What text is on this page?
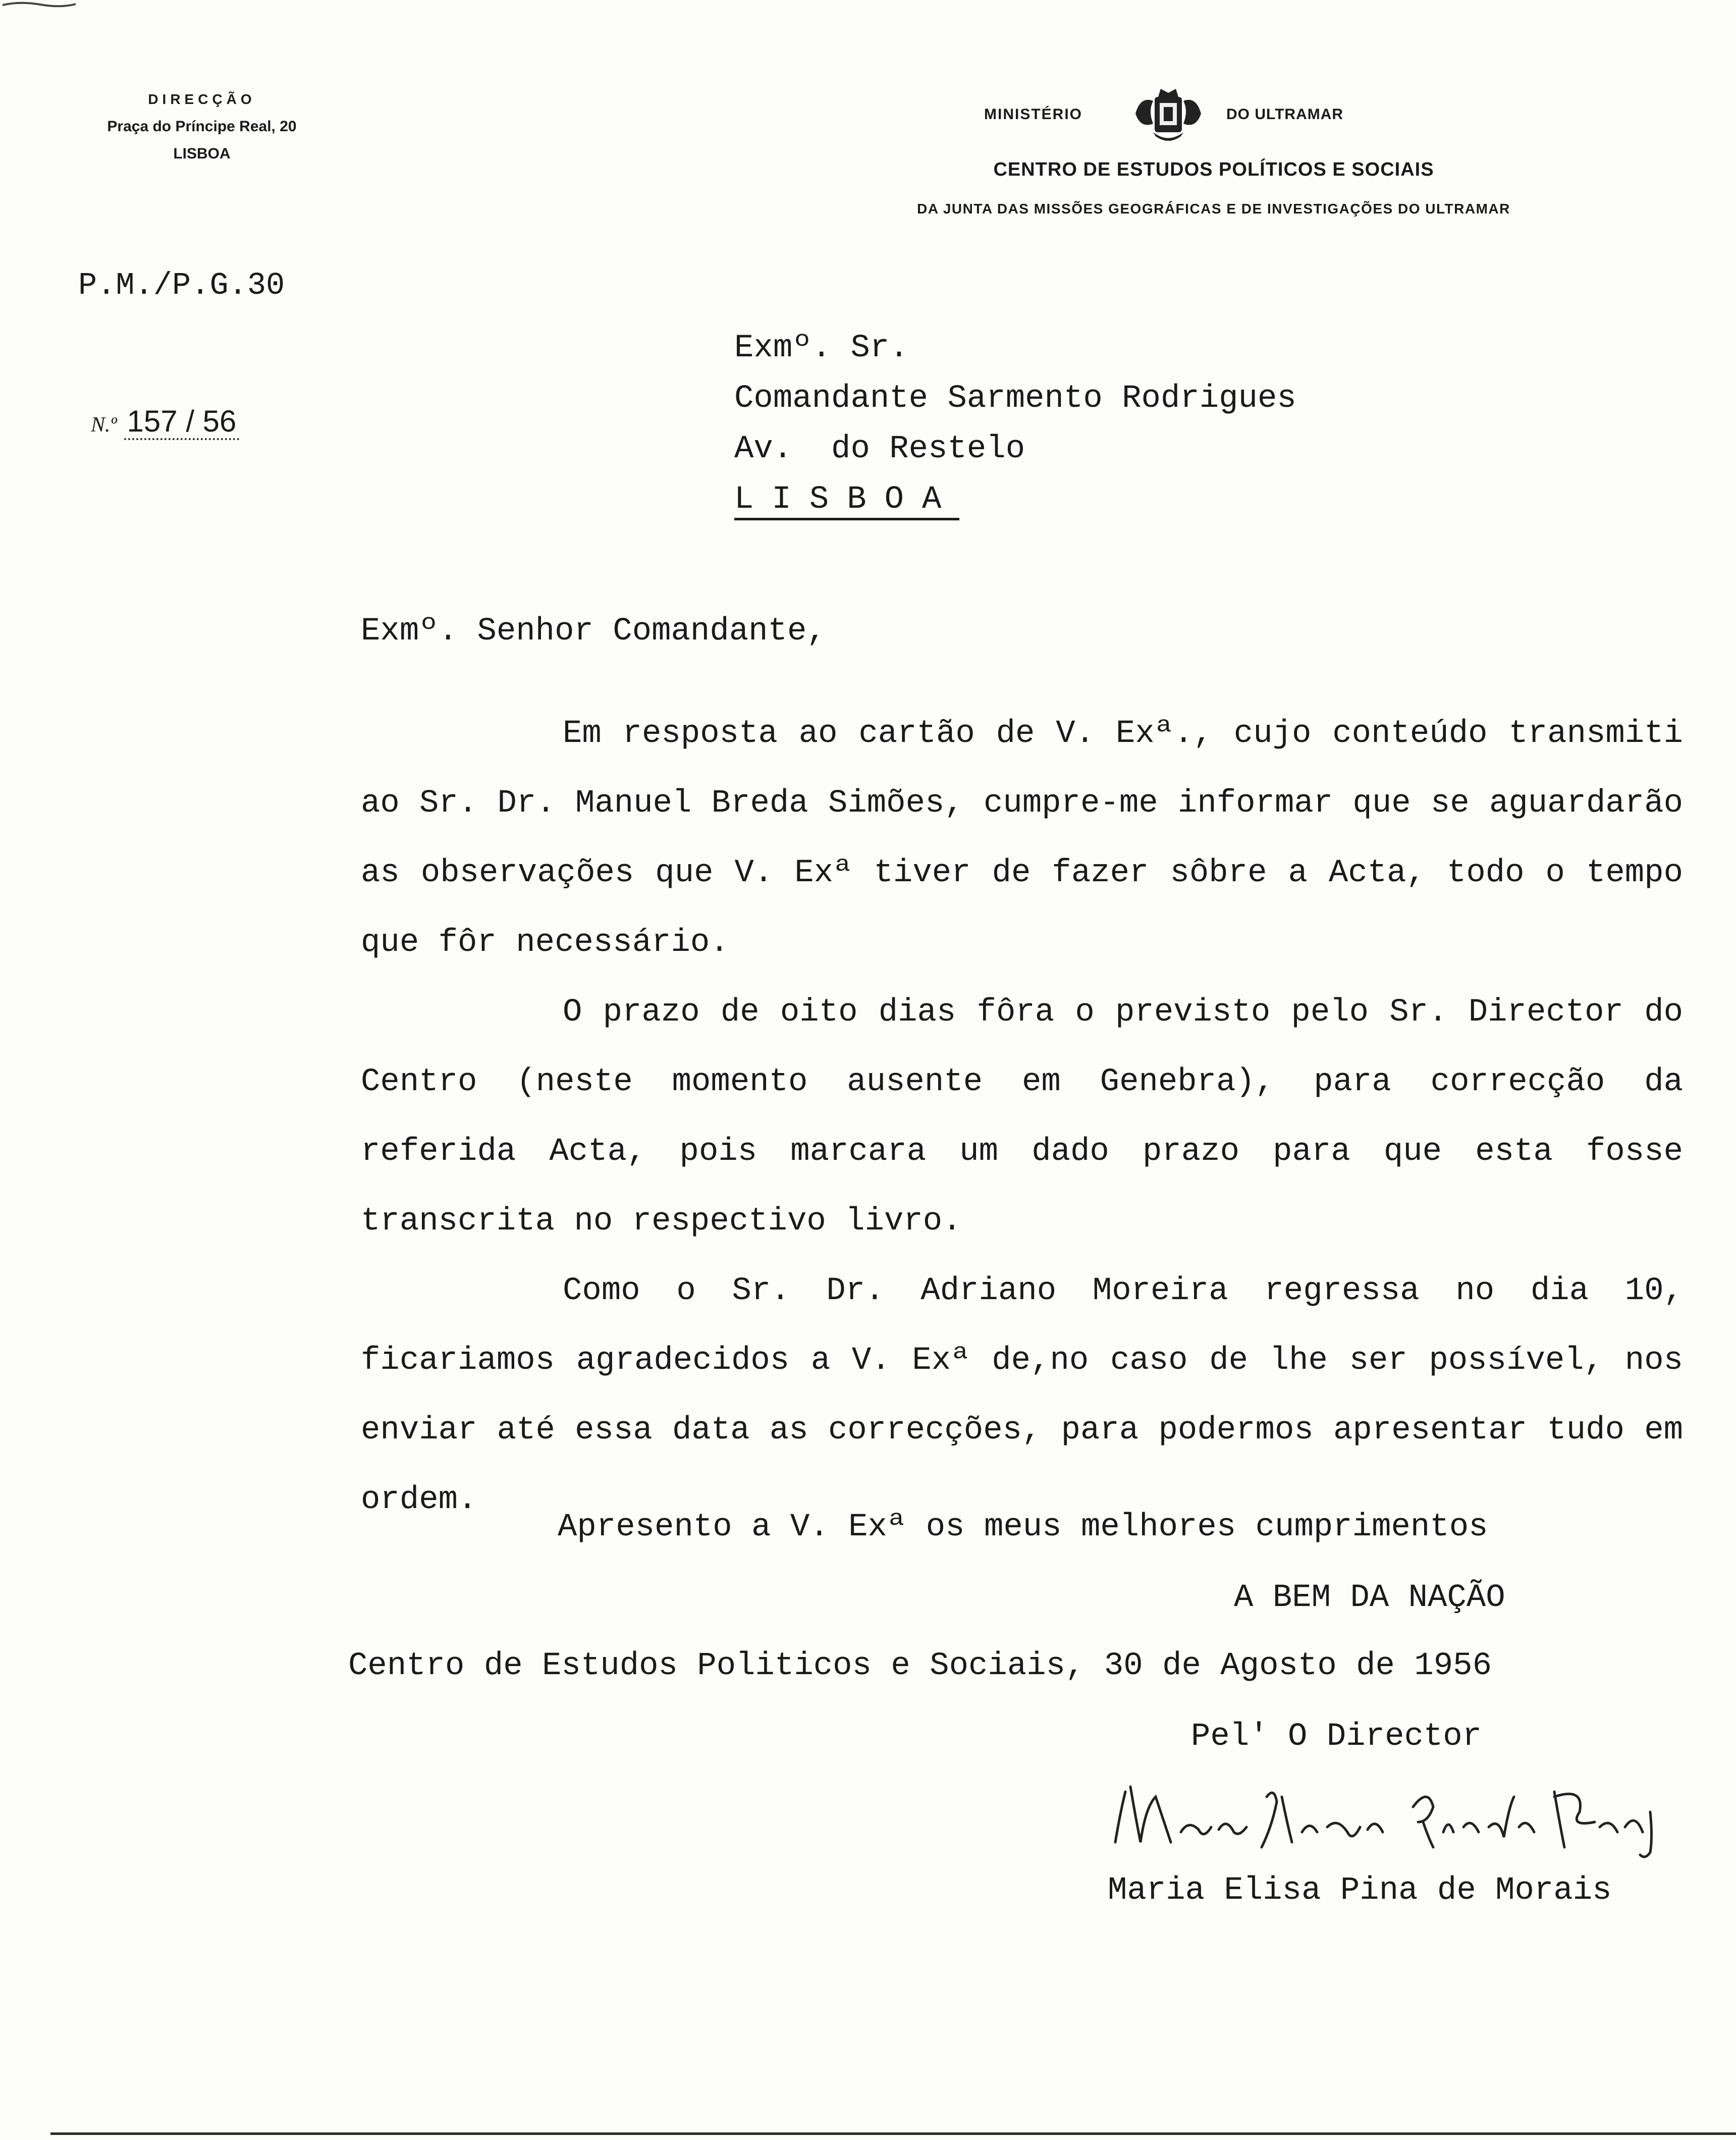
DIRECÇÃO
Praça do Príncipe Real, 20
LISBOA
MINISTÉRIO	DO ULTRAMAR
CENTRO DE ESTUDOS POLÍTICOS E SOCIAIS
DA JUNTA DAS MISSÕES GEOGRÁFICAS E DE INVESTIGAÇÕES DO ULTRAMAR
P.M./P.G.30
N.º 157 / 56
Exmº. Sr.
Comandante Sarmento Rodrigues
Av.  do Restelo
LISBOA
Exmº. Senhor Comandante,

Em resposta ao cartão de V. Exª., cujo conteúdo transmiti ao Sr. Dr. Manuel Breda Simões, cumpre-me informar que se aguardarão as observações que V. Exª tiver de fazer sôbre a Acta, todo o tempo que fôr necessário.

O prazo de oito dias fôra o previsto pelo Sr. Director do Centro (neste momento ausente em Genebra), para correcção da referida Acta, pois marcara um dado prazo para que esta fosse transcrita no respectivo livro.

Como o Sr. Dr. Adriano Moreira regressa no dia 10, ficariamos agradecidos a V. Exª de,no caso de lhe ser possível, nos enviar até essa data as correcções, para podermos apresentar tudo em ordem.

Apresento a V. Exª os meus melhores cumprimentos
A BEM DA NAÇÃO
Centro de Estudos Politicos e Sociais, 30 de Agosto de 1956
Pel' O Director
Maria Elisa Pina de Morais
